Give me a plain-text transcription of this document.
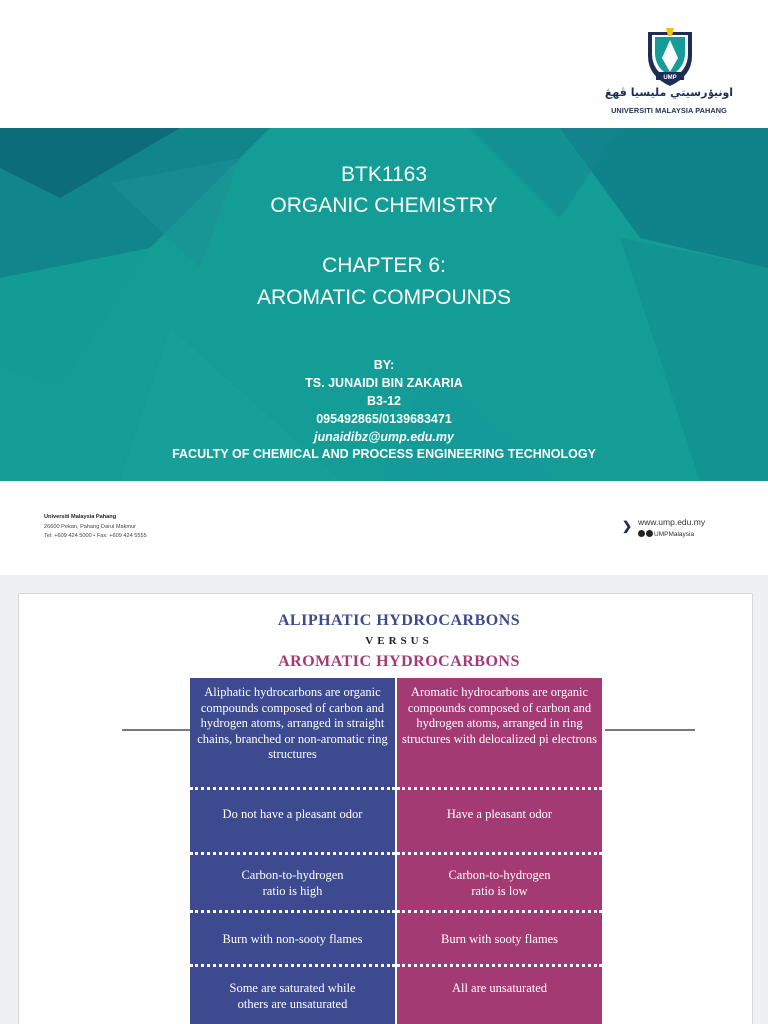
UMP
اونيۏرسيتي مليسيا ڤهڠ
UNIVERSITI MALAYSIA PAHANG
BTK1163
ORGANIC CHEMISTRY
CHAPTER 6:
AROMATIC COMPOUNDS
BY:
TS. JUNAIDI BIN ZAKARIA
B3-12
095492865/0139683471
junaidibz@ump.edu.my
FACULTY OF CHEMICAL AND PROCESS ENGINEERING TECHNOLOGY
Universiti Malaysia Pahang
26600 Pekan, Pahang Darul Makmur
Tel: +609 424 5000 • Fax: +609 424 5555
❯ www.ump.edu.my
UMPMalaysia
ALIPHATIC HYDROCARBONS
VERSUS
AROMATIC HYDROCARBONS
Aliphatic hydrocarbons are organic compounds composed of carbon and hydrogen atoms, arranged in straight chains, branched or non-aromatic ring structures
Do not have a pleasant odor
Carbon-to-hydrogen ratio is high
Burn with non-sooty flames
Some are saturated while others are unsaturated
Aromatic hydrocarbons are organic compounds composed of carbon and hydrogen atoms, arranged in ring structures with delocalized pi electrons
Have a pleasant odor
Carbon-to-hydrogen ratio is low
Burn with sooty flames
All are unsaturated
